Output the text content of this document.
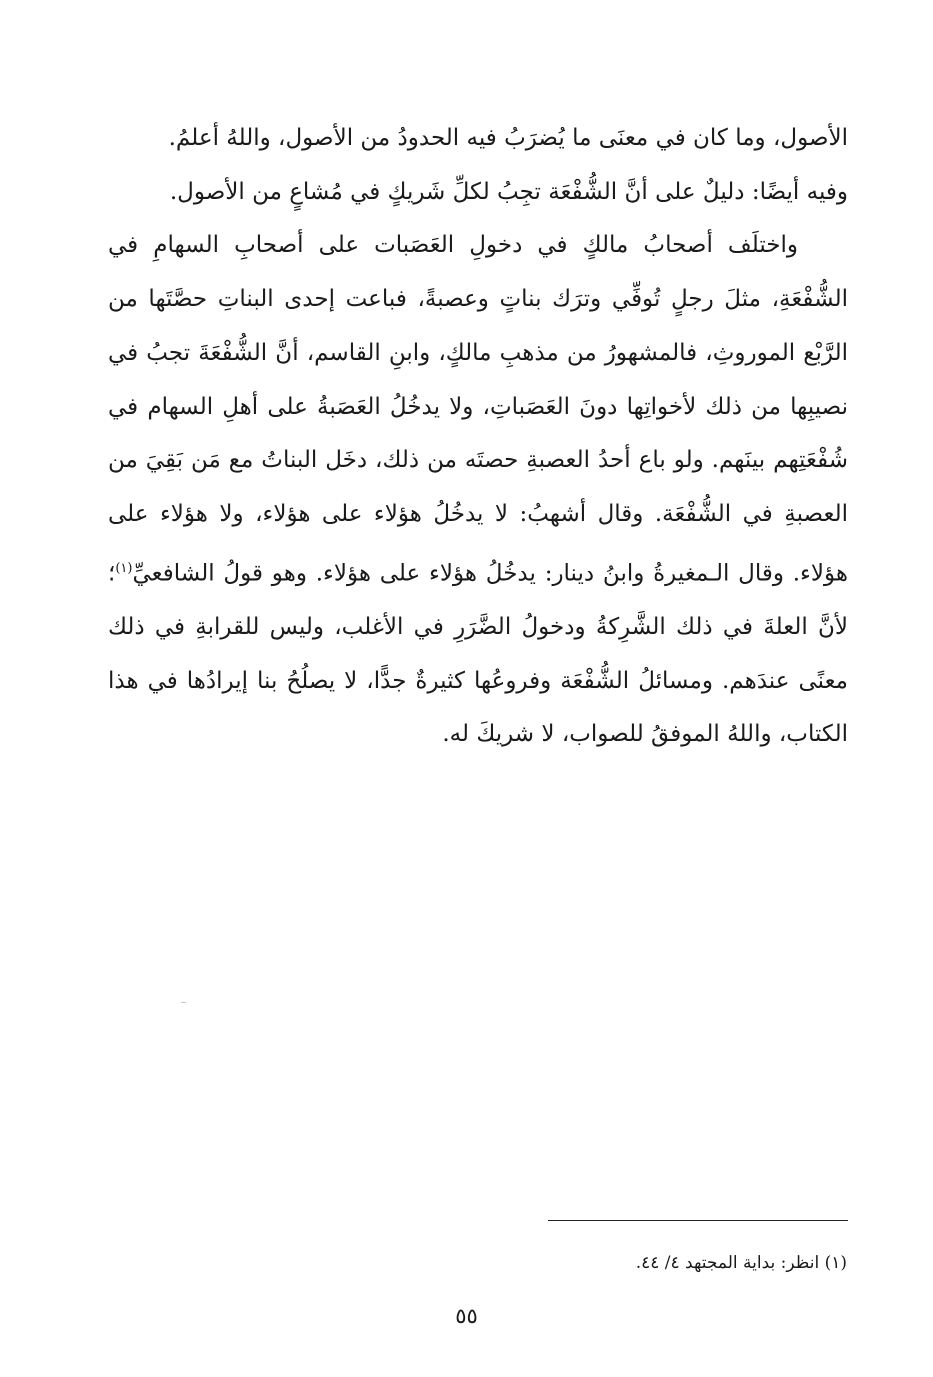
الأصول، وما كان في معنَى ما يُضرَبُ فيه الحدودُ من الأصول، واللهُ أعلمُ.

وفيه أيضًا: دليلٌ على أنَّ الشُّفْعَة تجِبُ لكلِّ شَريكٍ في مُشاعٍ من الأصول.

واختلَف أصحابُ مالكٍ في دخولِ العَصَبات على أصحابِ السهامِ في الشُّفْعَةِ، مثلَ رجلٍ تُوفِّي وترَك بناتٍ وعصبةً، فباعت إحدى البناتِ حصَّتَها من الرَّبْع الموروثِ، فالمشهورُ من مذهبِ مالكٍ، وابنِ القاسم، أنَّ الشُّفْعَةَ تجبُ في نصيبِها من ذلك لأخواتِها دونَ العَصَباتِ، ولا يدخُلُ العَصَبةُ على أهلِ السهام في شُفْعَتِهم بينَهم. ولو باع أحدُ العصبةِ حصتَه من ذلك، دخَل البناتُ مع مَن بَقِيَ من العصبةِ في الشُّفْعَة. وقال أشهبُ: لا يدخُلُ هؤلاء على هؤلاء، ولا هؤلاء على هؤلاء. وقال الـمغيرةُ وابنُ دينار: يدخُلُ هؤلاء على هؤلاء. وهو قولُ الشافعيِّ$^{(١)}$؛ لأنَّ العلةَ في ذلك الشَّرِكةُ ودخولُ الضَّرَرِ في الأغلب، وليس للقرابةِ في ذلك معنًى عندَهم. ومسائلُ الشُّفْعَة وفروعُها كثيرةٌ جدًّا، لا يصلُحُ بنا إيرادُها في هذا الكتاب، واللهُ الموفقُ للصواب، لا شريكَ له.

(١) انظر: بداية المجتهد ٤/ ٤٤.
٥٥
